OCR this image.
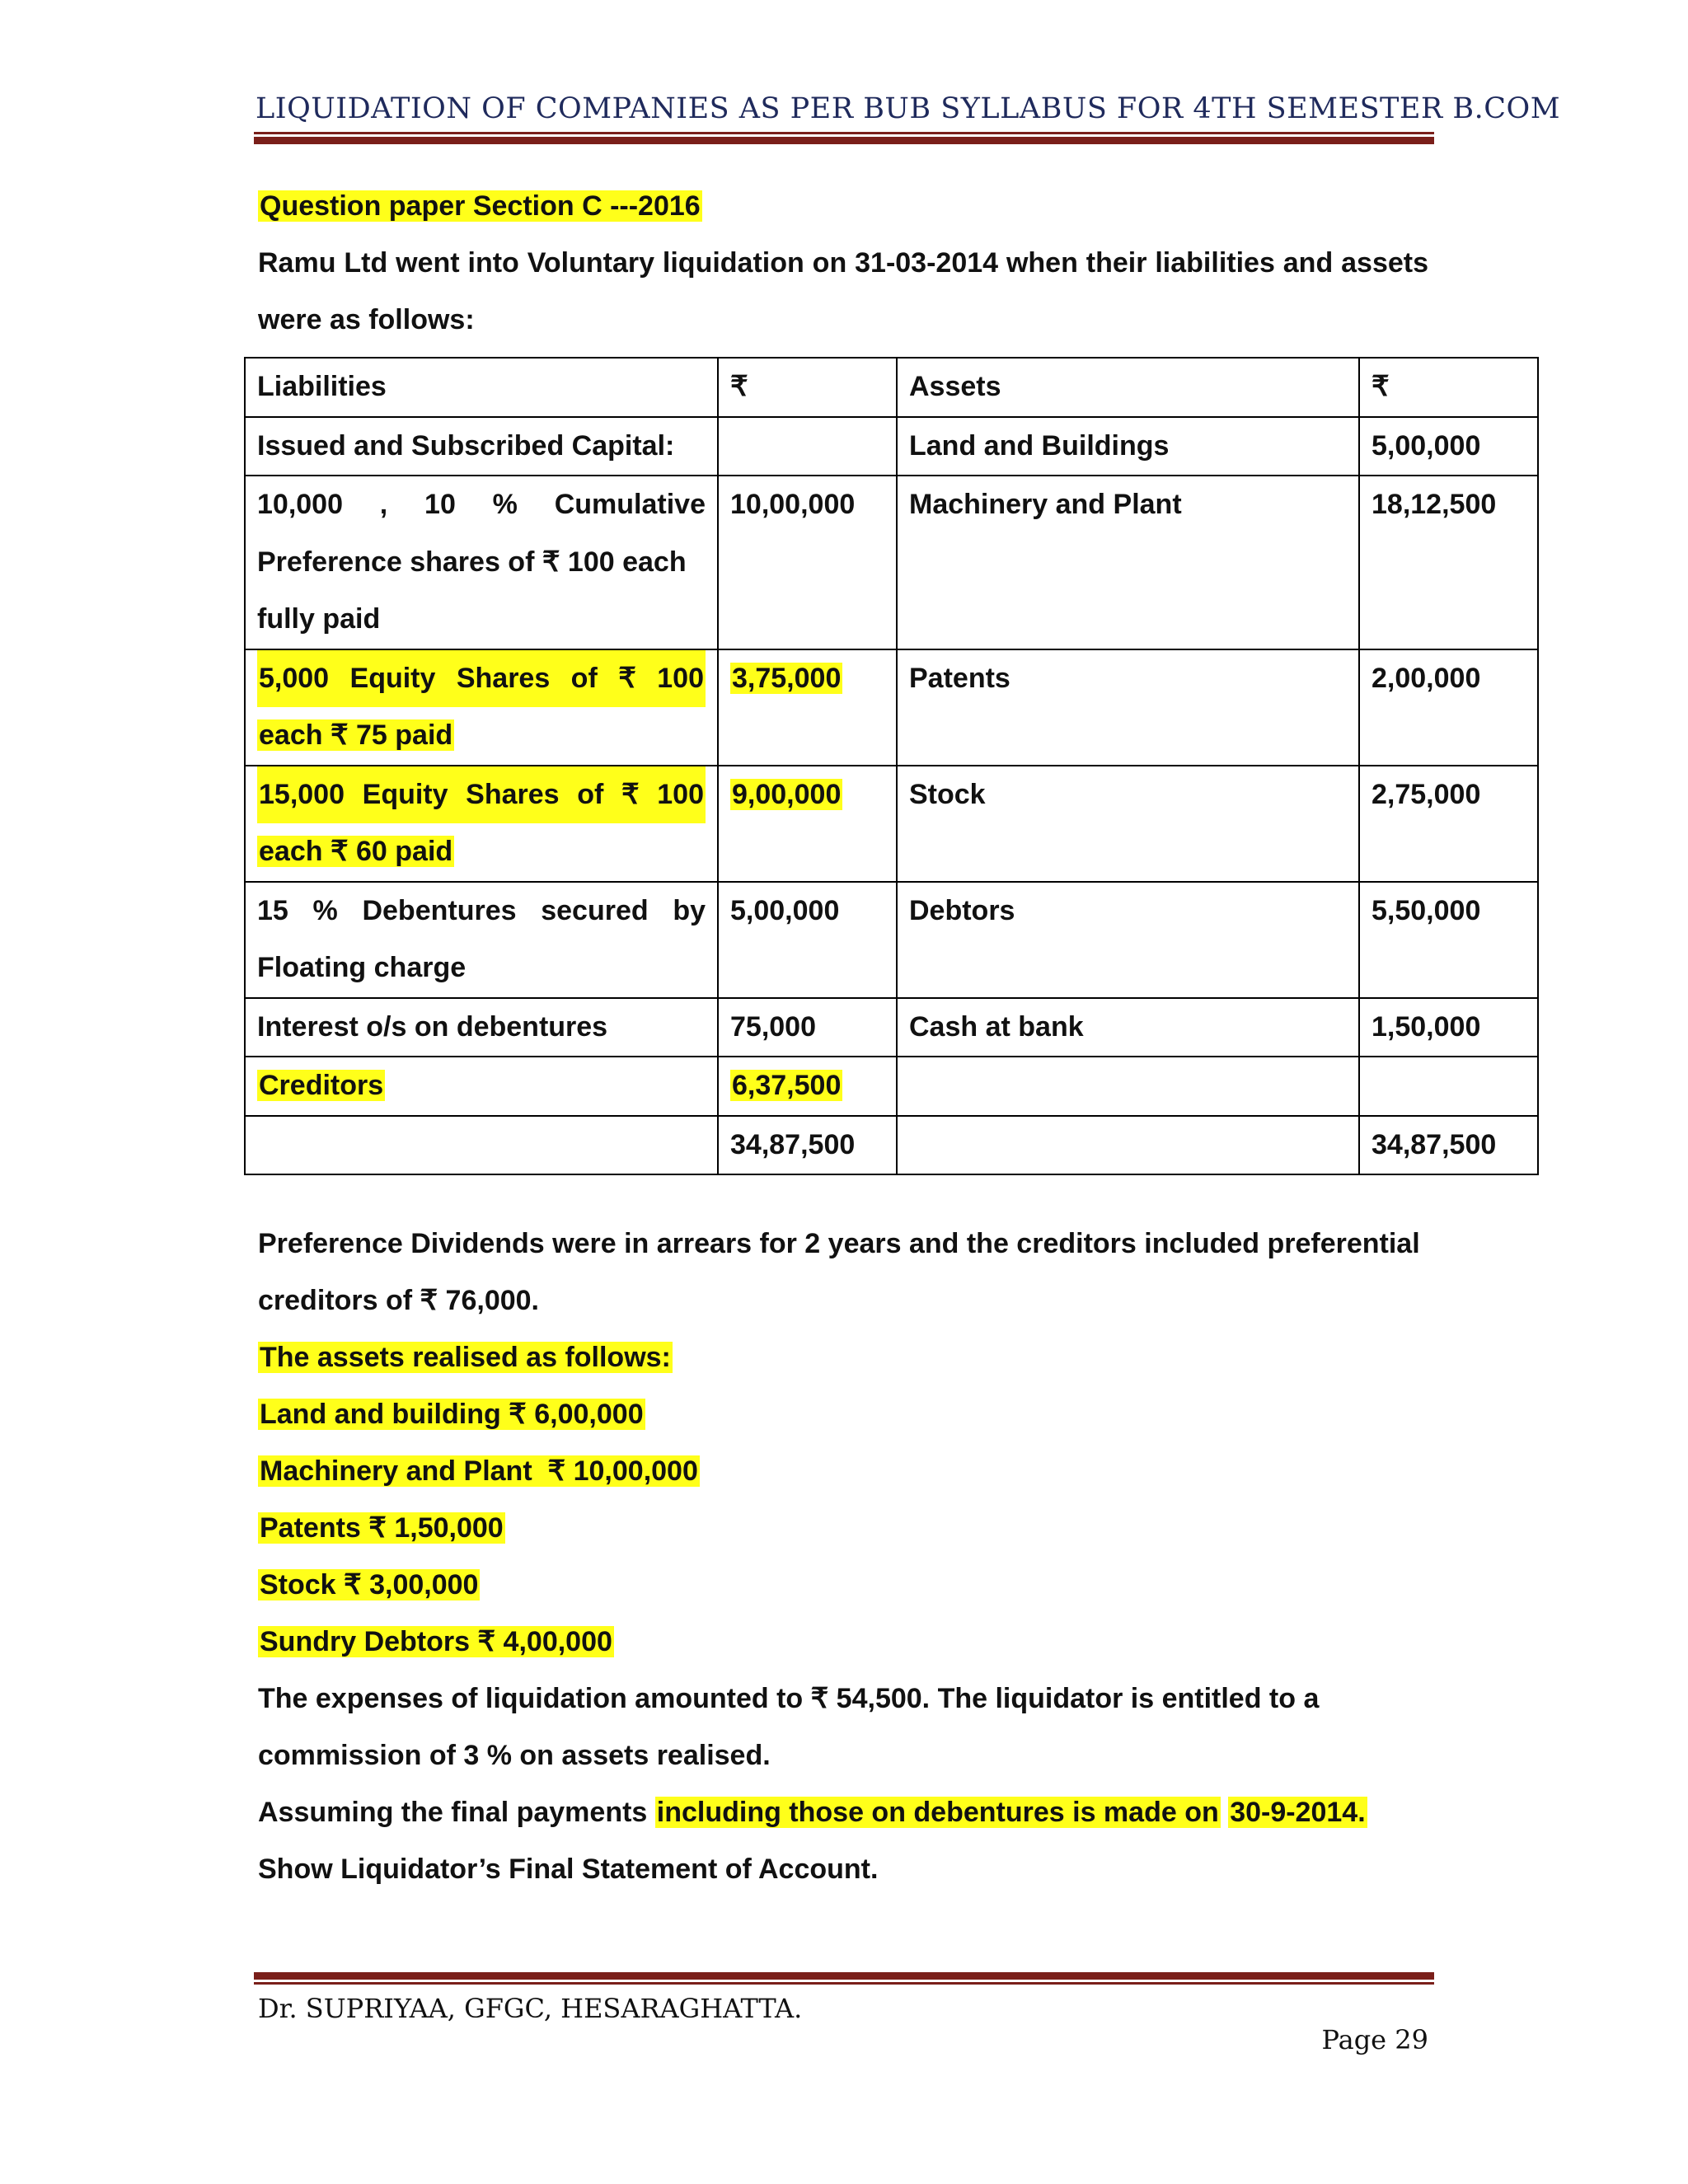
LIQUIDATION OF COMPANIES AS PER BUB SYLLABUS FOR 4TH SEMESTER B.COM
Question paper Section C ---2016
Ramu Ltd went into Voluntary liquidation on 31-03-2014 when their liabilities and assets
were as follows:
Liabilities	₹	Assets	₹
Issued and Subscribed Capital:		Land and Buildings	5,00,000

10,000 , 10 % Cumulative
Preference shares of ₹ 100 each
fully paid	10,00,000	Machinery and Plant	18,12,500

5,000 Equity Shares of ₹ 100
each ₹ 75 paid	3,75,000	Patents	2,00,000

15,000 Equity Shares of ₹ 100
each ₹ 60 paid	9,00,000	Stock	2,75,000

15 % Debentures secured by
Floating charge	5,00,000	Debtors	5,50,000
Interest o/s on debentures	75,000	Cash at bank	1,50,000
Creditors	6,37,500		
	34,87,500		34,87,500
Preference Dividends were in arrears for 2 years and the creditors included preferential
creditors of ₹ 76,000.
The assets realised as follows:
Land and building ₹ 6,00,000
Machinery and Plant  ₹ 10,00,000
Patents ₹ 1,50,000
Stock ₹ 3,00,000
Sundry Debtors ₹ 4,00,000
The expenses of liquidation amounted to ₹ 54,500. The liquidator is entitled to a
commission of 3 % on assets realised.
Assuming the final payments including those on debentures is made on 30-9-2014.
Show Liquidator’s Final Statement of Account.
Dr. SUPRIYAA, GFGC, HESARAGHATTA.
Page 29
